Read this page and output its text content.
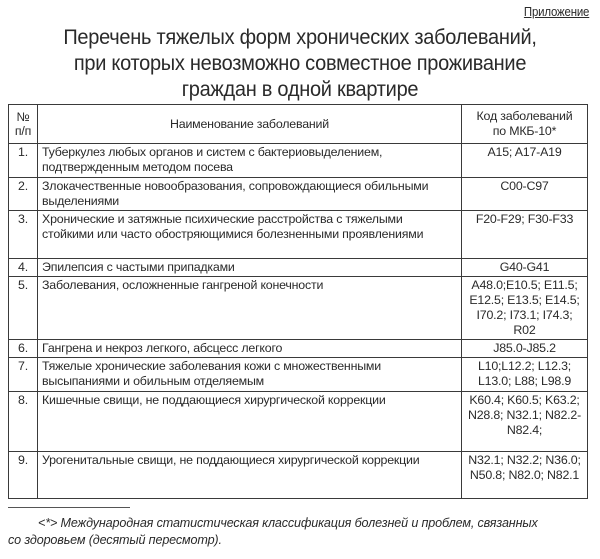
Приложение
Перечень тяжелых форм хронических заболеваний,
при которых невозможно совместное проживание
граждан в одной квартире
№
п/п	Наименование заболеваний	Код заболеваний
по МКБ-10*
1.	Туберкулез любых органов и систем с бактериовыделением, подтвержденным методом посева	A15; A17-A19
2.	Злокачественные новообразования, сопровождающиеся обильными выделениями	C00-C97
3.	Хронические и затяжные психические расстройства с тяжелыми стойкими или часто обостряющимися болезненными проявлениями	F20-F29; F30-F33
4.	Эпилепсия с частыми припадками	G40-G41
5.	Заболевания, осложненные гангреной конечности	A48.0;E10.5; E11.5; E12.5; E13.5; E14.5; I70.2; I73.1; I74.3; R02
6.	Гангрена и некроз легкого, абсцесс легкого	J85.0-J85.2
7.	Тяжелые хронические заболевания кожи с множественными высыпаниями и обильным отделяемым	L10;L12.2; L12.3; L13.0; L88; L98.9
8.	Кишечные свищи, не поддающиеся хирургической коррекции	K60.4; K60.5; K63.2; N28.8; N32.1; N82.2-N82.4;
9.	Урогенитальные свищи, не поддающиеся хирургической коррекции	N32.1; N32.2; N36.0; N50.8; N82.0; N82.1
<*> Международная статистическая классификация болезней и проблем, связанных
со здоровьем (десятый пересмотр).
